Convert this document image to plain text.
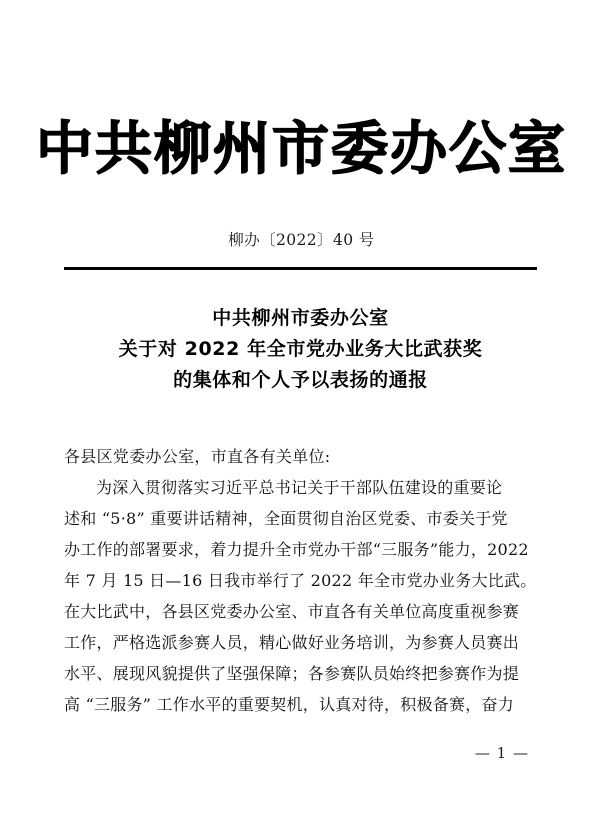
中共柳州市委办公室
柳办〔2022〕40 号
中共柳州市委办公室
关于对 2022 年全市党办业务大比武获奖
的集体和个人予以表扬的通报
各县区党委办公室，市直各有关单位:
为深入贯彻落实习近平总书记关于干部队伍建设的重要论
述和 “5·8” 重要讲话精神，全面贯彻自治区党委、市委关于党
办工作的部署要求，着力提升全市党办干部“三服务”能力，2022
年 7 月 15 日—16 日我市举行了 2022 年全市党办业务大比武。
在大比武中，各县区党委办公室、市直各有关单位高度重视参赛
工作，严格选派参赛人员，精心做好业务培训，为参赛人员赛出
水平、展现风貌提供了坚强保障；各参赛队员始终把参赛作为提
高 “三服务” 工作水平的重要契机，认真对待，积极备赛，奋力
— 1 —
